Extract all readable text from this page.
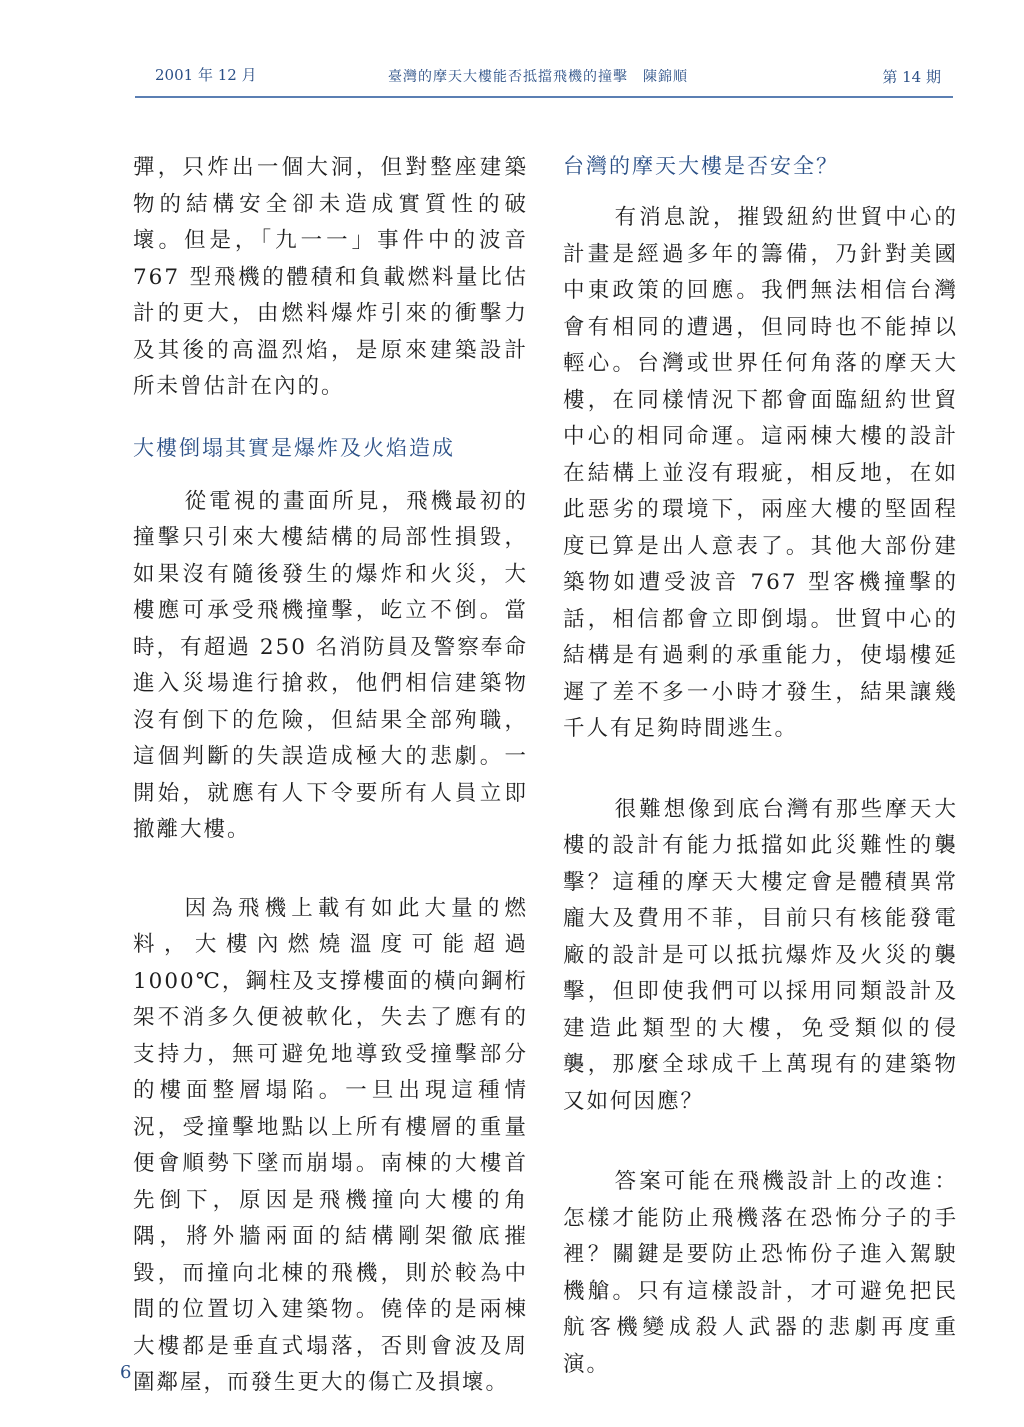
2001 年 12 月	臺灣的摩天大樓能否抵擋飛機的撞擊　陳錦順	第 14 期

彈，只炸出一個大洞，但對整座建築物的結構安全卻未造成實質性的破壞。但是，「九一一」事件中的波音 767 型飛機的體積和負載燃料量比估計的更大，由燃料爆炸引來的衝擊力及其後的高溫烈焰，是原來建築設計所未曾估計在內的。

大樓倒塌其實是爆炸及火焰造成

從電視的畫面所見，飛機最初的撞擊只引來大樓結構的局部性損毀，如果沒有隨後發生的爆炸和火災，大樓應可承受飛機撞擊，屹立不倒。當時，有超過 250 名消防員及警察奉命進入災場進行搶救，他們相信建築物沒有倒下的危險，但結果全部殉職，這個判斷的失誤造成極大的悲劇。一開始，就應有人下令要所有人員立即撤離大樓。

因為飛機上載有如此大量的燃料，大樓內燃燒溫度可能超過 1000℃，鋼柱及支撐樓面的橫向鋼桁架不消多久便被軟化，失去了應有的支持力，無可避免地導致受撞擊部分的樓面整層塌陷。一旦出現這種情況，受撞擊地點以上所有樓層的重量便會順勢下墜而崩塌。南棟的大樓首先倒下，原因是飛機撞向大樓的角隅，將外牆兩面的結構剛架徹底摧毀，而撞向北棟的飛機，則於較為中間的位置切入建築物。僥倖的是兩棟大樓都是垂直式塌落，否則會波及周圍鄰屋，而發生更大的傷亡及損壞。

台灣的摩天大樓是否安全？

有消息說，摧毀紐約世貿中心的計畫是經過多年的籌備，乃針對美國中東政策的回應。我們無法相信台灣會有相同的遭遇，但同時也不能掉以輕心。台灣或世界任何角落的摩天大樓，在同樣情況下都會面臨紐約世貿中心的相同命運。這兩棟大樓的設計在結構上並沒有瑕疵，相反地，在如此惡劣的環境下，兩座大樓的堅固程度已算是出人意表了。其他大部份建築物如遭受波音 767 型客機撞擊的話，相信都會立即倒塌。世貿中心的結構是有過剩的承重能力，使塌樓延遲了差不多一小時才發生，結果讓幾千人有足夠時間逃生。

很難想像到底台灣有那些摩天大樓的設計有能力抵擋如此災難性的襲擊？這種的摩天大樓定會是體積異常龐大及費用不菲，目前只有核能發電廠的設計是可以抵抗爆炸及火災的襲擊，但即使我們可以採用同類設計及建造此類型的大樓，免受類似的侵襲，那麼全球成千上萬現有的建築物又如何因應？

答案可能在飛機設計上的改進：怎樣才能防止飛機落在恐怖分子的手裡？關鍵是要防止恐怖份子進入駕駛機艙。只有這樣設計，才可避免把民航客機變成殺人武器的悲劇再度重演。

6
